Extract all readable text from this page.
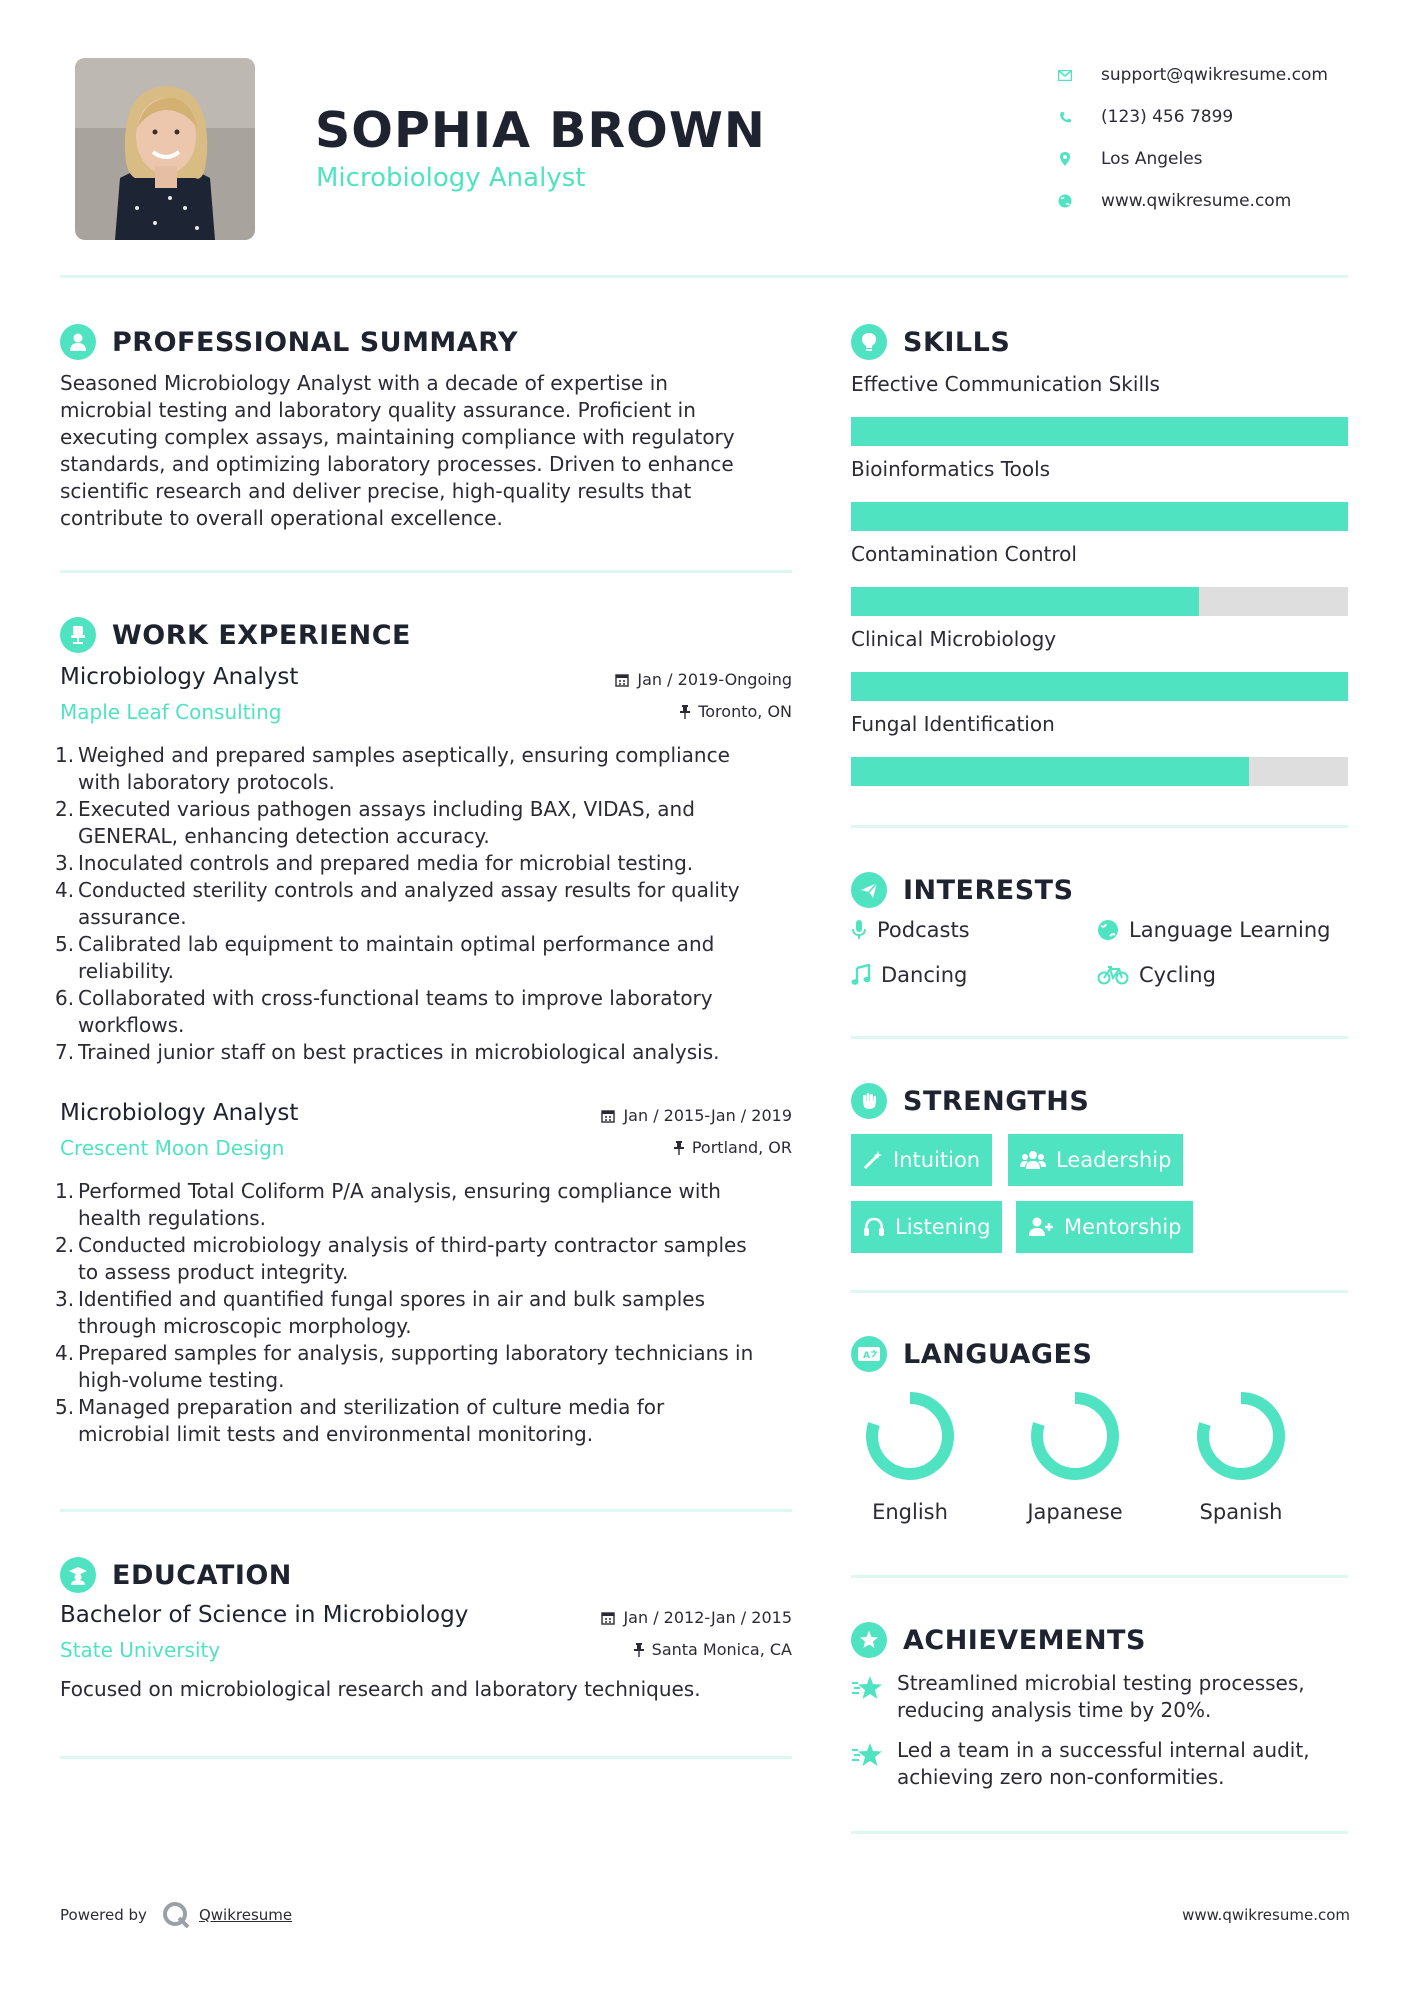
SOPHIA BROWN
Microbiology Analyst
support@qwikresume.com
(123) 456 7899
Los Angeles
www.qwikresume.com
PROFESSIONAL SUMMARY
Seasoned Microbiology Analyst with a decade of expertise in
microbial testing and laboratory quality assurance. Proficient in
executing complex assays, maintaining compliance with regulatory
standards, and optimizing laboratory processes. Driven to enhance
scientific research and deliver precise, high-quality results that
contribute to overall operational excellence.
WORK EXPERIENCE
Microbiology Analyst
Maple Leaf Consulting
Jan / 2019-Ongoing
Toronto, ON
1. Weighed and prepared samples aseptically, ensuring compliance
with laboratory protocols.
2. Executed various pathogen assays including BAX, VIDAS, and
GENERAL, enhancing detection accuracy.
3. Inoculated controls and prepared media for microbial testing.
4. Conducted sterility controls and analyzed assay results for quality
assurance.
5. Calibrated lab equipment to maintain optimal performance and
reliability.
6. Collaborated with cross-functional teams to improve laboratory
workflows.
7. Trained junior staff on best practices in microbiological analysis.
Microbiology Analyst
Crescent Moon Design
Jan / 2015-Jan / 2019
Portland, OR
1. Performed Total Coliform P/A analysis, ensuring compliance with
health regulations.
2. Conducted microbiology analysis of third-party contractor samples
to assess product integrity.
3. Identified and quantified fungal spores in air and bulk samples
through microscopic morphology.
4. Prepared samples for analysis, supporting laboratory technicians in
high-volume testing.
5. Managed preparation and sterilization of culture media for
microbial limit tests and environmental monitoring.
EDUCATION
Bachelor of Science in Microbiology
State University
Jan / 2012-Jan / 2015
Santa Monica, CA
Focused on microbiological research and laboratory techniques.
SKILLS
Effective Communication Skills
Bioinformatics Tools
Contamination Control
Clinical Microbiology
Fungal Identification
INTERESTS
Podcasts	Language Learning
Dancing	Cycling
STRENGTHS
Intuition	Leadership
Listening	Mentorship
A LANGUAGES
English	Japanese	Spanish
ACHIEVEMENTS
Streamlined microbial testing processes,
reducing analysis time by 20%.
Led a team in a successful internal audit,
achieving zero non-conformities.
Powered by	Qwikresume	www.qwikresume.com
